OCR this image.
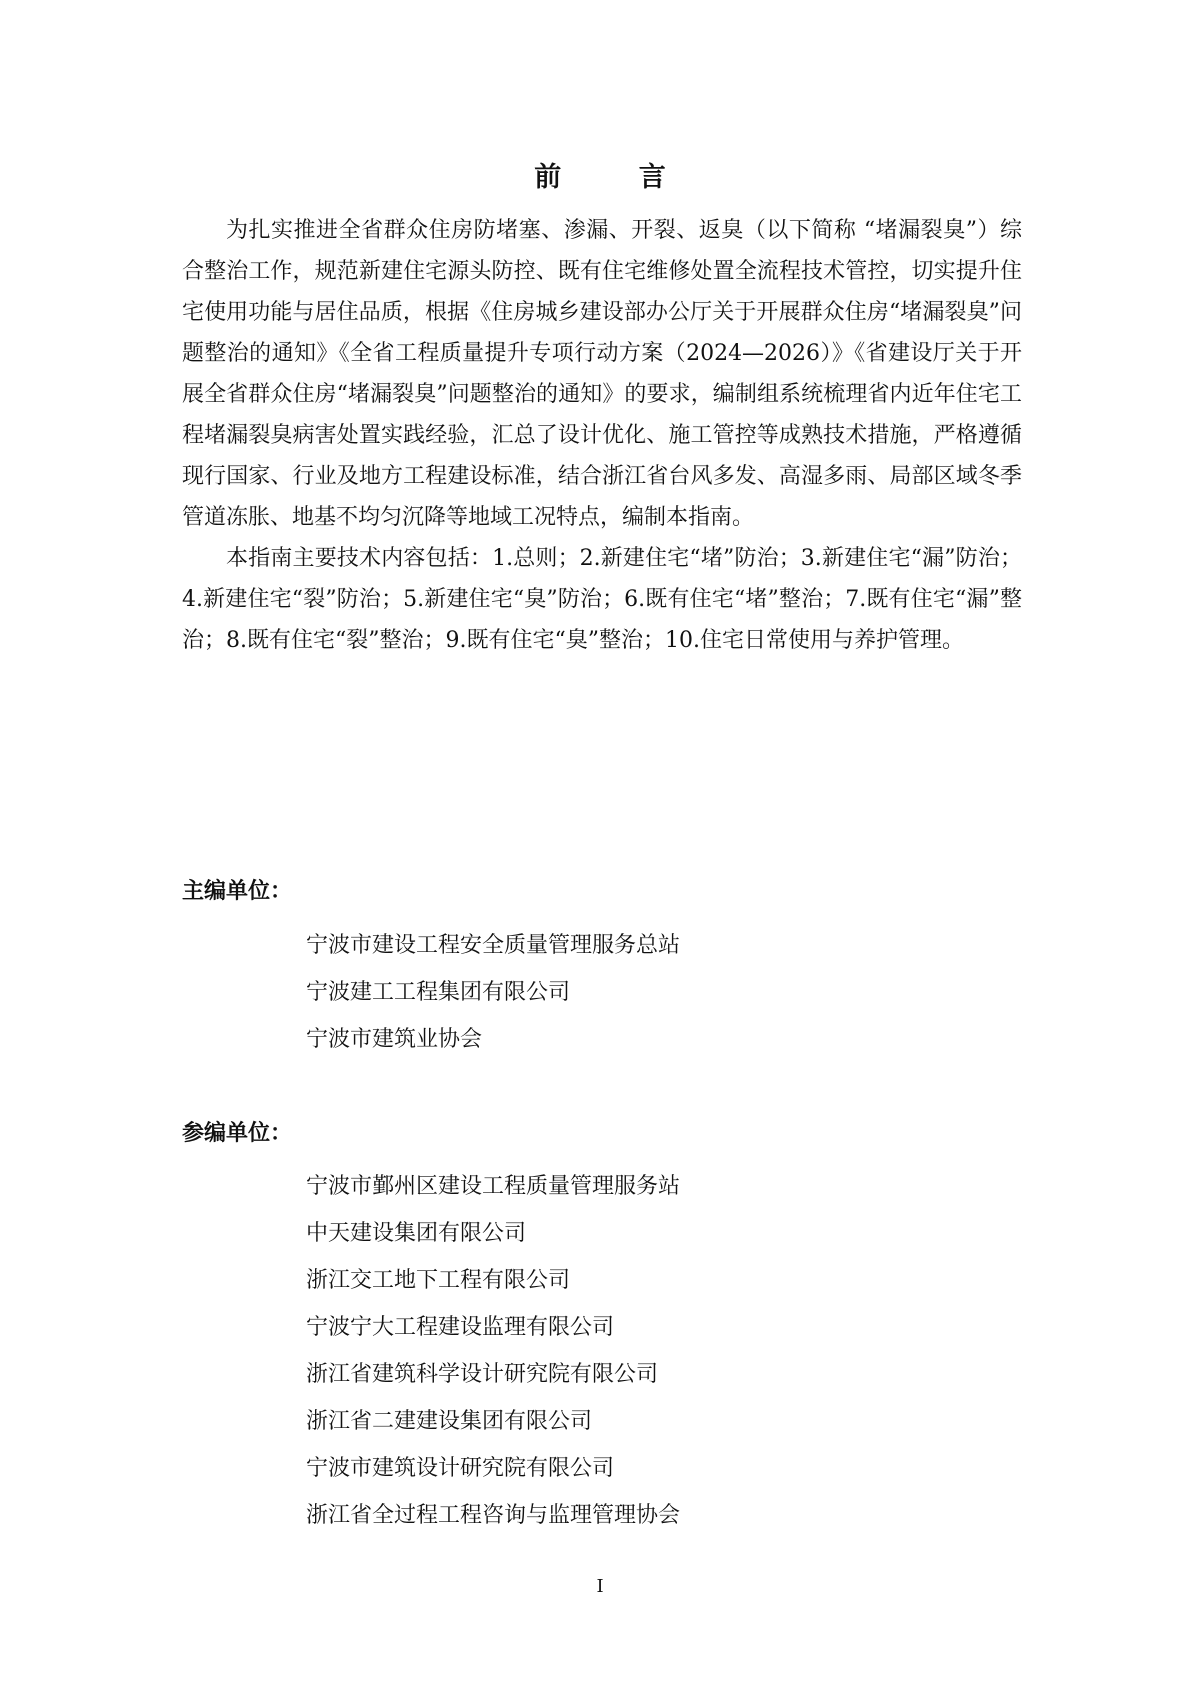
前 言

为扎实推进全省群众住房防堵塞、渗漏、开裂、返臭（以下简称 “堵漏裂臭”）综合整治工作，规范新建住宅源头防控、既有住宅维修处置全流程技术管控，切实提升住宅使用功能与居住品质，根据《住房城乡建设部办公厅关于开展群众住房“堵漏裂臭”问题整治的通知》《全省工程质量提升专项行动方案（2024—2026）》《省建设厅关于开展全省群众住房“堵漏裂臭”问题整治的通知》的要求，编制组系统梳理省内近年住宅工程堵漏裂臭病害处置实践经验，汇总了设计优化、施工管控等成熟技术措施，严格遵循现行国家、行业及地方工程建设标准，结合浙江省台风多发、高湿多雨、局部区域冬季管道冻胀、地基不均匀沉降等地域工况特点，编制本指南。

本指南主要技术内容包括：1.总则；2.新建住宅“堵”防治；3.新建住宅“漏”防治；4.新建住宅“裂”防治；5.新建住宅“臭”防治；6.既有住宅“堵”整治；7.既有住宅“漏”整治；8.既有住宅“裂”整治；9.既有住宅“臭”整治；10.住宅日常使用与养护管理。

主编单位：
宁波市建设工程安全质量管理服务总站
宁波建工工程集团有限公司
宁波市建筑业协会
参编单位：
宁波市鄞州区建设工程质量管理服务站
中天建设集团有限公司
浙江交工地下工程有限公司
宁波宁大工程建设监理有限公司
浙江省建筑科学设计研究院有限公司
浙江省二建建设集团有限公司
宁波市建筑设计研究院有限公司
浙江省全过程工程咨询与监理管理协会
I
